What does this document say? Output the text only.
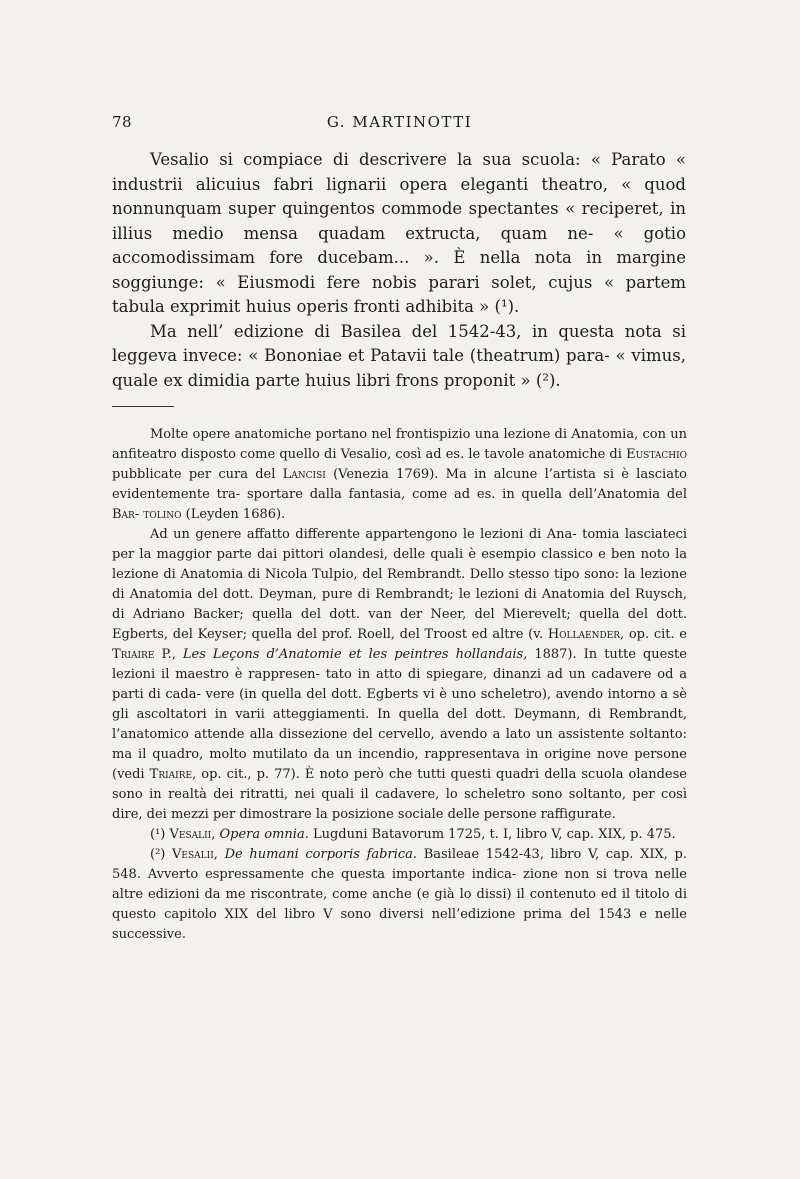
78	G. MARTINOTTI

Vesalio si compiace di descrivere la sua scuola: « Parato « industrii alicuius fabri lignarii opera eleganti theatro, « quod nonnunquam super quingentos commode spectantes « reciperet, in illius medio mensa quadam extructa, quam ne- « gotio accomodissimam fore ducebam... ». È nella nota in margine soggiunge: « Eiusmodi fere nobis parari solet, cujus « partem tabula exprimit huius operis fronti adhibita » (¹).

Ma nell’ edizione di Basilea del 1542-43, in questa nota si leggeva invece: « Bononiae et Patavii tale (theatrum) para- « vimus, quale ex dimidia parte huius libri frons proponit » (²).

Molte opere anatomiche portano nel frontispizio una lezione di Anatomia, con un anfiteatro disposto come quello di Vesalio, così ad es. le tavole anatomiche di Eustachio pubblicate per cura del Lancisi (Venezia 1769). Ma in alcune l’artista si è lasciato evidentemente tra- sportare dalla fantasia, come ad es. in quella dell’Anatomia del Bar- tolino (Leyden 1686).

Ad un genere affatto differente appartengono le lezioni di Ana- tomia lasciateci per la maggior parte dai pittori olandesi, delle quali è esempio classico e ben noto la lezione di Anatomia di Nicola Tulpio, del Rembrandt. Dello stesso tipo sono: la lezione di Anatomia del dott. Deyman, pure di Rembrandt; le lezioni di Anatomia del Ruysch, di Adriano Backer; quella del dott. van der Neer, del Mierevelt; quella del dott. Egberts, del Keyser; quella del prof. Roell, del Troost ed altre (v. Hollaender, op. cit. e Triaire P., Les Leçons d’Anatomie et les peintres hollandais, 1887). In tutte queste lezioni il maestro è rappresen- tato in atto di spiegare, dinanzi ad un cadavere od a parti di cada- vere (in quella del dott. Egberts vi è uno scheletro), avendo intorno a sè gli ascoltatori in varii atteggiamenti. In quella del dott. Deymann, di Rembrandt, l’anatomico attende alla dissezione del cervello, avendo a lato un assistente soltanto: ma il quadro, molto mutilato da un incendio, rappresentava in origine nove persone (vedi Triaire, op. cit., p. 77). È noto però che tutti questi quadri della scuola olandese sono in realtà dei ritratti, nei quali il cadavere, lo scheletro sono soltanto, per così dire, dei mezzi per dimostrare la posizione sociale delle persone raffigurate.

(¹) Vesalii, Opera omnia. Lugduni Batavorum 1725, t. I, libro V, cap. XIX, p. 475.

(²) Vesalii, De humani corporis fabrica. Basileae 1542-43, libro V, cap. XIX, p. 548. Avverto espressamente che questa importante indica- zione non si trova nelle altre edizioni da me riscontrate, come anche (e già lo dissi) il contenuto ed il titolo di questo capitolo XIX del libro V sono diversi nell’edizione prima del 1543 e nelle successive.
